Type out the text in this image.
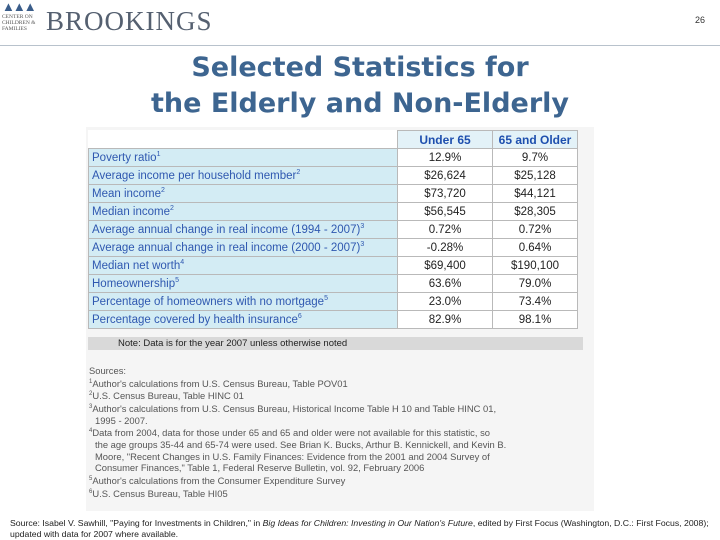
▲▲▲
CENTER ON
CHILDREN &
FAMILIES BROOKINGS	26
Selected Statistics for
the Elderly and Non-Elderly
	Under 65	65 and Older
Poverty ratio$^1$	12.9%	9.7%
Average income per household member$^2$	$26,624	$25,128
Mean income$^2$	$73,720	$44,121
Median income$^2$	$56,545	$28,305
Average annual change in real income (1994 - 2007)$^3$	0.72%	0.72%
Average annual change in real income (2000 - 2007)$^3$	-0.28%	0.64%
Median net worth$^4$	$69,400	$190,100
Homeownership$^5$	63.6%	79.0%
Percentage of homeowners with no mortgage$^5$	23.0%	73.4%
Percentage covered by health insurance$^6$	82.9%	98.1%
Note: Data is for the year 2007 unless otherwise noted
Sources:
$^1$Author's calculations from U.S. Census Bureau, Table POV01
$^2$U.S. Census Bureau, Table HINC 01
$^3$Author's calculations from U.S. Census Bureau, Historical Income Table H 10 and Table HINC 01,
1995 - 2007.
$^4$Data from 2004, data for those under 65 and 65 and older were not available for this statistic, so
the age groups 35-44 and 65-74 were used. See Brian K. Bucks, Arthur B. Kennickell, and Kevin B.
Moore, "Recent Changes in U.S. Family Finances: Evidence from the 2001 and 2004 Survey of
Consumer Finances," Table 1, Federal Reserve Bulletin, vol. 92, February 2006
$^5$Author's calculations from the Consumer Expenditure Survey
$^6$U.S. Census Bureau, Table HI05
Source: Isabel V. Sawhill, "Paying for Investments in Children," in Big Ideas for Children: Investing in Our Nation's Future, edited by First Focus (Washington, D.C.: First Focus, 2008); updated with data for 2007 where available.
